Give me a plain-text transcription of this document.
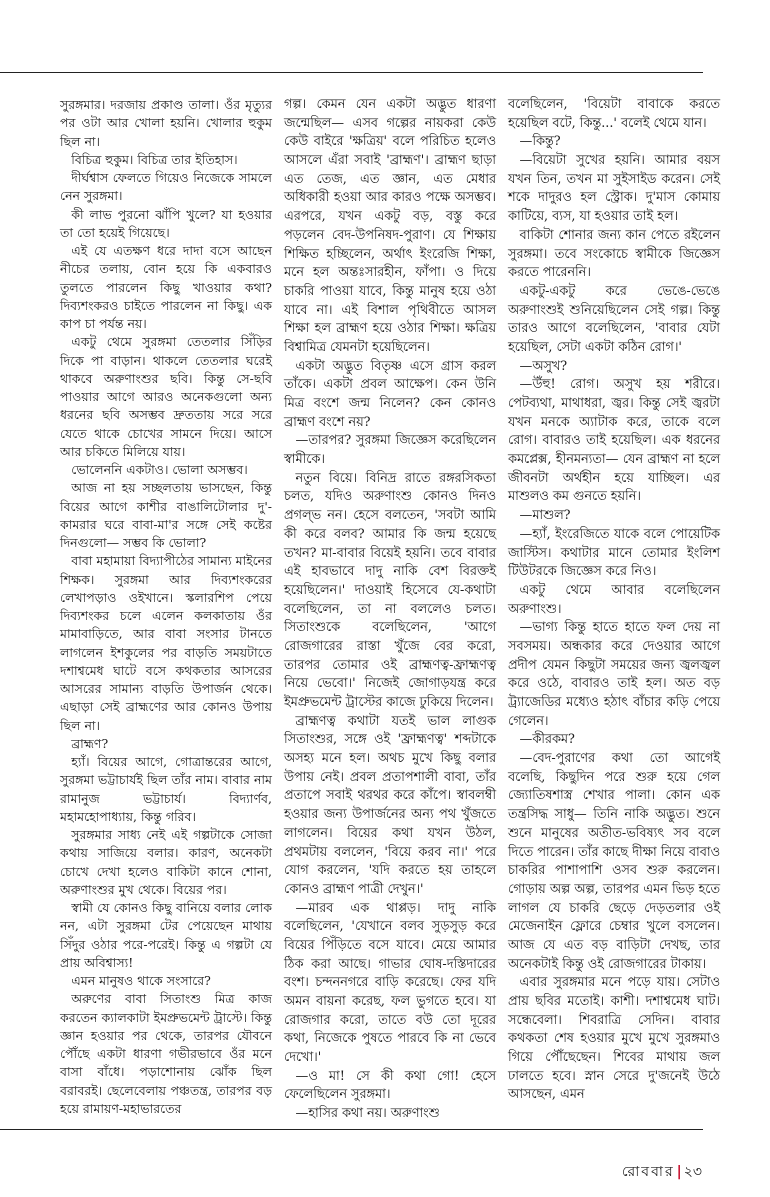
সুরঙ্গমার। দরজায় প্রকাণ্ড তালা। ওঁর মৃত্যুর পর ওটা আর খোলা হয়নি। খোলার হুকুম ছিল না।

বিচিত্র হুকুম। বিচিত্র তার ইতিহাস।

দীর্ঘশ্বাস ফেলতে গিয়েও নিজেকে সামলে নেন সুরঙ্গমা।

কী লাভ পুরনো ঝাঁপি খুলে? যা হওয়ার তা তো হয়েই গিয়েছে।

এই যে এতক্ষণ ধরে দাদা বসে আছেন নীচের তলায়, বোন হয়ে কি একবারও তুলতে পারলেন কিছু খাওয়ার কথা? দিব্যশংকরও চাইতে পারলেন না কিছু। এক কাপ চা পর্যন্ত নয়।

একটু থেমে সুরঙ্গমা তেতলার সিঁড়ির দিকে পা বাড়ান। থাকলে তেতলার ঘরেই থাকবে অরুণাংশুর ছবি। কিন্তু সে-ছবি পাওয়ার আগে আরও অনেকগুলো অন্য ধরনের ছবি অসম্ভব দ্রুততায় সরে সরে যেতে থাকে চোখের সামনে দিয়ে। আসে আর চকিতে মিলিয়ে যায়।

ভোলেননি একটাও। ভোলা অসম্ভব।

আজ না হয় সচ্ছলতায় ভাসছেন, কিন্তু বিয়ের আগে কাশীর বাঙালিটোলার দু'-কামরার ঘরে বাবা-মা'র সঙ্গে সেই কষ্টের দিনগুলো— সম্ভব কি ভোলা?

বাবা মহামায়া বিদ্যাপীঠের সামান্য মাইনের শিক্ষক। সুরঙ্গমা আর দিব্যশংকরের লেখাপড়াও ওইখানে। স্কলারশিপ পেয়ে দিব্যশংকর চলে এলেন কলকাতায় ওঁর মামাবাড়িতে, আর বাবা সংসার টানতে লাগলেন ইশকুলের পর বাড়তি সময়টাতে দশাশ্বমেধ ঘাটে বসে কথকতার আসরের আসরের সামান্য বাড়তি উপার্জন থেকে। এছাড়া সেই ব্রাহ্মণের আর কোনও উপায় ছিল না।

ব্রাহ্মণ?

হ্যাঁ। বিয়ের আগে, গোত্রান্তরের আগে, সুরঙ্গমা ভট্টাচার্যই ছিল তাঁর নাম। বাবার নাম রামানুজ ভট্টাচার্য। বিদ্যার্ণব, মহামহোপাধ্যায়, কিন্তু গরিব।

সুরঙ্গমার সাধ্য নেই এই গল্পটাকে সোজা কথায় সাজিয়ে বলার। কারণ, অনেকটা চোখে দেখা হলেও বাকিটা কানে শোনা, অরুণাংশুর মুখ থেকে। বিয়ের পর।

স্বামী যে কোনও কিছু বানিয়ে বলার লোক নন, এটা সুরঙ্গমা টের পেয়েছেন মাথায় সিঁদুর ওঠার পরে-পরেই। কিন্তু এ গল্পটা যে প্রায় অবিশ্বাস্য!

এমন মানুষও থাকে সংসারে?

অরুণের বাবা সিতাংশু মিত্র কাজ করতেন ক্যালকাটা ইমপ্রুভমেন্ট ট্রাস্টে। কিন্তু জ্ঞান হওয়ার পর থেকে, তারপর যৌবনে পৌঁছে একটা ধারণা গভীরভাবে ওঁর মনে বাসা বাঁধে। পড়াশোনায় ঝোঁক ছিল বরাবরই। ছেলেবেলায় পঞ্চতন্ত্র, তারপর বড় হয়ে রামায়ণ-মহাভারতের

গল্প। কেমন যেন একটা অদ্ভুত ধারণা জন্মেছিল— এসব গল্পের নায়করা কেউ কেউ বাইরে 'ক্ষত্রিয়' বলে পরিচিত হলেও আসলে এঁরা সবাই 'ব্রাহ্মণ'। ব্রাহ্মণ ছাড়া এত তেজ, এত জ্ঞান, এত মেধার অধিকারী হওয়া আর কারও পক্ষে অসম্ভব। এরপরে, যখন একটু বড়, বস্তু করে পড়লেন বেদ-উপনিষদ-পুরাণ। যে শিক্ষায় শিক্ষিত হচ্ছিলেন, অর্থাৎ ইংরেজি শিক্ষা, মনে হল অন্তঃসারহীন, ফাঁপা। ও দিয়ে চাকরি পাওয়া যাবে, কিন্তু মানুষ হয়ে ওঠা যাবে না। এই বিশাল পৃথিবীতে আসল শিক্ষা হল ব্রাহ্মণ হয়ে ওঠার শিক্ষা। ক্ষত্রিয় বিশ্বামিত্র যেমনটা হয়েছিলেন।

একটা অদ্ভুত বিতৃষ্ণ এসে গ্রাস করল তাঁকে। একটা প্রবল আক্ষেপ। কেন উনি মিত্র বংশে জন্ম নিলেন? কেন কোনও ব্রাহ্মণ বংশে নয়?

—তারপর? সুরঙ্গমা জিজ্ঞেস করেছিলেন স্বামীকে।

নতুন বিয়ে। বিনিদ্র রাতে রঙ্গরসিকতা চলত, যদিও অরুণাংশু কোনও দিনও প্রগল্ভ নন। হেসে বলতেন, 'সবটা আমি কী করে বলব? আমার কি জন্ম হয়েছে তখন? মা-বাবার বিয়েই হয়নি। তবে বাবার এই হাবভাবে দাদু নাকি বেশ বিরক্তই হয়েছিলেন।' দাওয়াই হিসেবে যে-কথাটা বলেছিলেন, তা না বললেও চলত। সিতাংশুকে বলেছিলেন, 'আগে রোজগারের রাস্তা খুঁজে বের করো, তারপর তোমার ওই ব্রাহ্মণত্ব-ফ্রাহ্মণত্ব নিয়ে ভেবো।' নিজেই জোগাড়যন্ত্র করে ইমপ্রুভমেন্ট ট্রাস্টের কাজে ঢুকিয়ে দিলেন।

ব্রাহ্মণত্ব কথাটা যতই ভাল লাগুক সিতাংশুর, সঙ্গে ওই 'ফ্রাহ্মণত্ব' শব্দটাকে অসহ্য মনে হল। অথচ মুখে কিছু বলার উপায় নেই। প্রবল প্রতাপশালী বাবা, তাঁর প্রতাপে সবাই থরথর করে কাঁপে। স্বাবলম্বী হওয়ার জন্য উপার্জনের অন্য পথ খুঁজতে লাগলেন। বিয়ের কথা যখন উঠল, প্রথমটায় বললেন, 'বিয়ে করব না।' পরে যোগ করলেন, 'যদি করতে হয় তাহলে কোনও ব্রাহ্মণ পাত্রী দেখুন।'

—মারব এক থাপ্পড়। দাদু নাকি বলেছিলেন, 'যেখানে বলব সুড়সুড় করে বিয়ের পিঁড়িতে বসে যাবে। মেয়ে আমার ঠিক করা আছে। গাভার ঘোষ-দস্তিদারের বংশ। চন্দননগরে বাড়ি করেছে। ফের যদি অমন বায়না করেছ, ফল ভুগতে হবে। যা রোজগার করো, তাতে বউ তো দূরের কথা, নিজেকে পুষতে পারবে কি না ভেবে দেখো।'

—ও মা! সে কী কথা গো! হেসে ফেলেছিলেন সুরঙ্গমা।

—হাসির কথা নয়। অরুণাংশু

বলেছিলেন, 'বিয়েটা বাবাকে করতে হয়েছিল বটে, কিন্তু...' বলেই থেমে যান।

—কিন্তু?

—বিয়েটা সুখের হয়নি। আমার বয়স যখন তিন, তখন মা সুইসাইড করেন। সেই শকে দাদুরও হল স্ট্রোক। দু'মাস কোমায় কাটিয়ে, ব্যস, যা হওয়ার তাই হল।

বাকিটা শোনার জন্য কান পেতে রইলেন সুরঙ্গমা। তবে সংকোচে স্বামীকে জিজ্ঞেস করতে পারেননি।

একটু-একটু করে ভেঙে-ভেঙে অরুণাংশুই শুনিয়েছিলেন সেই গল্প। কিন্তু তারও আগে বলেছিলেন, 'বাবার যেটা হয়েছিল, সেটা একটা কঠিন রোগ।'

—অসুখ?

—উঁহু! রোগ। অসুখ হয় শরীরে। পেটব্যথা, মাথাধরা, জ্বর। কিন্তু সেই জ্বরটা যখন মনকে অ্যাটাক করে, তাকে বলে রোগ। বাবারও তাই হয়েছিল। এক ধরনের কমপ্লেক্স, হীনমন্যতা— যেন ব্রাহ্মণ না হলে জীবনটা অর্থহীন হয়ে যাচ্ছিল। এর মাশুলও কম গুনতে হয়নি।

—মাশুল?

—হ্যাঁ, ইংরেজিতে যাকে বলে পোয়েটিক জাস্টিস। কথাটার মানে তোমার ইংলিশ টিউটরকে জিজ্ঞেস করে নিও।

একটু থেমে আবার বলেছিলেন অরুণাংশু।

—ভাগ্য কিন্তু হাতে হাতে ফল দেয় না সবসময়। অন্ধকার করে দেওয়ার আগে প্রদীপ যেমন কিছুটা সময়ের জন্য জ্বলজ্বল করে ওঠে, বাবারও তাই হল। অত বড় ট্র্যাজেডির মধ্যেও হঠাৎ বাঁচার কড়ি পেয়ে গেলেন।

—কীরকম?

—বেদ-পুরাণের কথা তো আগেই বলেছি, কিছুদিন পরে শুরু হয়ে গেল জ্যোতিষশাস্ত্র শেখার পালা। কোন এক তন্ত্রসিদ্ধ সাধু— তিনি নাকি অদ্ভুত। শুনে শুনে মানুষের অতীত-ভবিষ্যৎ সব বলে দিতে পারেন। তাঁর কাছে দীক্ষা নিয়ে বাবাও চাকরির পাশাপাশি ওসব শুরু করলেন। গোড়ায় অল্প অল্প, তারপর এমন ভিড় হতে লাগল যে চাকরি ছেড়ে দেড়তলার ওই মেজেনাইন ফ্লোরে চেম্বার খুলে বসলেন। আজ যে এত বড় বাড়িটা দেখছ, তার অনেকটাই কিন্তু ওই রোজগারের টাকায়।

এবার সুরঙ্গমার মনে পড়ে যায়। সেটাও প্রায় ছবির মতোই। কাশী। দশাশ্বমেধ ঘাট। সন্ধেবেলা। শিবরাত্রি সেদিন। বাবার কথকতা শেষ হওয়ার মুখে মুখে সুরঙ্গমাও গিয়ে পৌঁছেছেন। শিবের মাথায় জল ঢালতে হবে। স্নান সেরে দু'জনেই উঠে আসছেন, এমন

রোববার | ২৩
